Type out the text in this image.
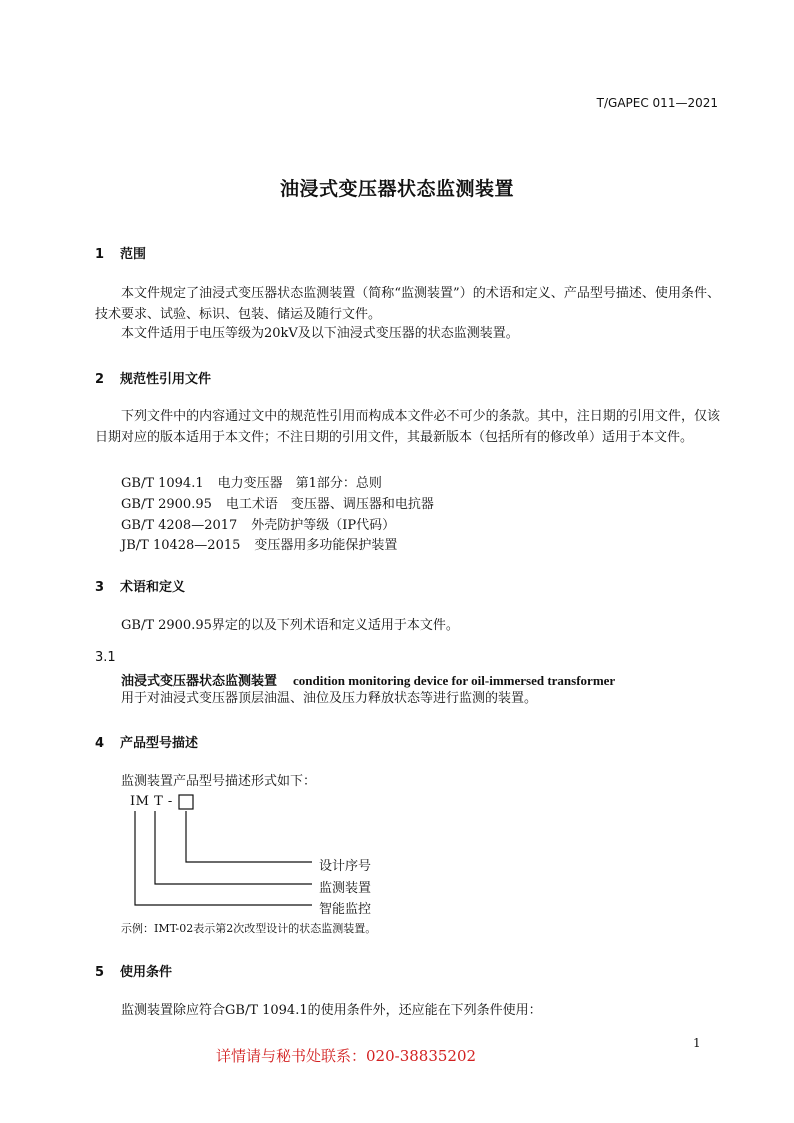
T/GAPEC 011—2021
油浸式变压器状态监测装置
1 范围
本文件规定了油浸式变压器状态监测装置（简称“监测装置”）的术语和定义、产品型号描述、使用条件、技术要求、试验、标识、包装、储运及随行文件。
本文件适用于电压等级为20kV及以下油浸式变压器的状态监测装置。
2 规范性引用文件
下列文件中的内容通过文中的规范性引用而构成本文件必不可少的条款。其中，注日期的引用文件，仅该日期对应的版本适用于本文件；不注日期的引用文件，其最新版本（包括所有的修改单）适用于本文件。
GB/T 1094.1 电力变压器　第1部分：总则
GB/T 2900.95 电工术语　变压器、调压器和电抗器
GB/T 4208—2017 外壳防护等级（IP代码）
JB/T 10428—2015 变压器用多功能保护装置
3 术语和定义
GB/T 2900.95界定的以及下列术语和定义适用于本文件。
3.1
油浸式变压器状态监测装置 condition monitoring device for oil-immersed transformer
用于对油浸式变压器顶层油温、油位及压力释放状态等进行监测的装置。
4 产品型号描述
监测装置产品型号描述形式如下：
IM T -
设计序号
监测装置
智能监控
示例：IMT-02表示第2次改型设计的状态监测装置。
5 使用条件
监测装置除应符合GB/T 1094.1的使用条件外，还应能在下列条件使用：
1
详情请与秘书处联系：020-38835202
